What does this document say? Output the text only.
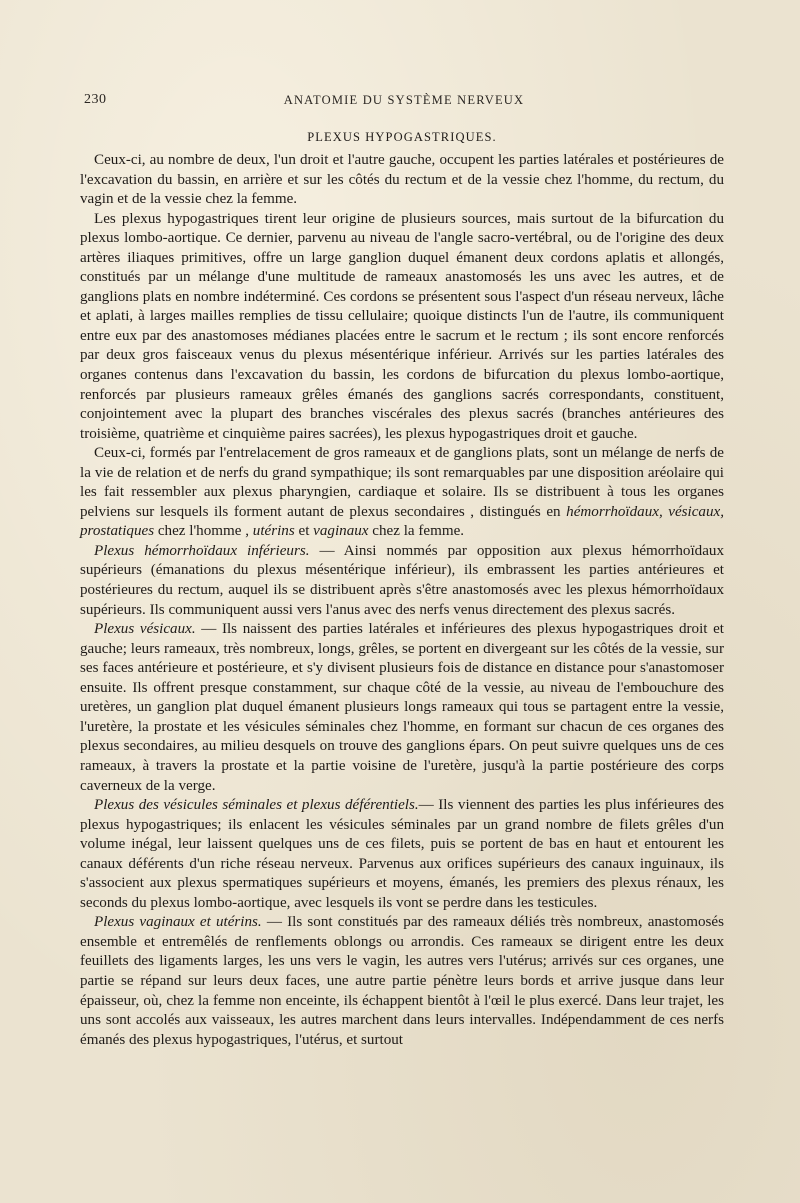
230	ANATOMIE DU SYSTÈME NERVEUX
PLEXUS HYPOGASTRIQUES.

Ceux-ci, au nombre de deux, l'un droit et l'autre gauche, occupent les parties latérales et postérieures de l'excavation du bassin, en arrière et sur les côtés du rectum et de la vessie chez l'homme, du rectum, du vagin et de la vessie chez la femme.

Les plexus hypogastriques tirent leur origine de plusieurs sources, mais surtout de la bifurcation du plexus lombo-aortique. Ce dernier, parvenu au niveau de l'angle sacro-vertébral, ou de l'origine des deux artères iliaques primitives, offre un large ganglion duquel émanent deux cordons aplatis et allongés, constitués par un mélange d'une multitude de rameaux anastomosés les uns avec les autres, et de ganglions plats en nombre indéterminé. Ces cordons se présentent sous l'aspect d'un réseau nerveux, lâche et aplati, à larges mailles remplies de tissu cellulaire; quoique distincts l'un de l'autre, ils communiquent entre eux par des anastomoses médianes placées entre le sacrum et le rectum ; ils sont encore renforcés par deux gros faisceaux venus du plexus mésentérique inférieur. Arrivés sur les parties latérales des organes contenus dans l'excavation du bassin, les cordons de bifurcation du plexus lombo-aortique, renforcés par plusieurs rameaux grêles émanés des ganglions sacrés correspondants, constituent, conjointement avec la plupart des branches viscérales des plexus sacrés (branches antérieures des troisième, quatrième et cinquième paires sacrées), les plexus hypogastriques droit et gauche.

Ceux-ci, formés par l'entrelacement de gros rameaux et de ganglions plats, sont un mélange de nerfs de la vie de relation et de nerfs du grand sympathique; ils sont remarquables par une disposition aréolaire qui les fait ressembler aux plexus pharyngien, cardiaque et solaire. Ils se distribuent à tous les organes pelviens sur lesquels ils forment autant de plexus secondaires , distingués en hémorrhoïdaux, vésicaux, prostatiques chez l'homme , utérins et vaginaux chez la femme.

Plexus hémorrhoïdaux inférieurs. — Ainsi nommés par opposition aux plexus hémorrhoïdaux supérieurs (émanations du plexus mésentérique inférieur), ils embrassent les parties antérieures et postérieures du rectum, auquel ils se distribuent après s'être anastomosés avec les plexus hémorrhoïdaux supérieurs. Ils communiquent aussi vers l'anus avec des nerfs venus directement des plexus sacrés.

Plexus vésicaux. — Ils naissent des parties latérales et inférieures des plexus hypogastriques droit et gauche; leurs rameaux, très nombreux, longs, grêles, se portent en divergeant sur les côtés de la vessie, sur ses faces antérieure et postérieure, et s'y divisent plusieurs fois de distance en distance pour s'anastomoser ensuite. Ils offrent presque constamment, sur chaque côté de la vessie, au niveau de l'embouchure des uretères, un ganglion plat duquel émanent plusieurs longs rameaux qui tous se partagent entre la vessie, l'uretère, la prostate et les vésicules séminales chez l'homme, en formant sur chacun de ces organes des plexus secondaires, au milieu desquels on trouve des ganglions épars. On peut suivre quelques uns de ces rameaux, à travers la prostate et la partie voisine de l'uretère, jusqu'à la partie postérieure des corps caverneux de la verge.

Plexus des vésicules séminales et plexus déférentiels.— Ils viennent des parties les plus inférieures des plexus hypogastriques; ils enlacent les vésicules séminales par un grand nombre de filets grêles d'un volume inégal, leur laissent quelques uns de ces filets, puis se portent de bas en haut et entourent les canaux déférents d'un riche réseau nerveux. Parvenus aux orifices supérieurs des canaux inguinaux, ils s'associent aux plexus spermatiques supérieurs et moyens, émanés, les premiers des plexus rénaux, les seconds du plexus lombo-aortique, avec lesquels ils vont se perdre dans les testicules.

Plexus vaginaux et utérins. — Ils sont constitués par des rameaux déliés très nombreux, anastomosés ensemble et entremêlés de renflements oblongs ou arrondis. Ces rameaux se dirigent entre les deux feuillets des ligaments larges, les uns vers le vagin, les autres vers l'utérus; arrivés sur ces organes, une partie se répand sur leurs deux faces, une autre partie pénètre leurs bords et arrive jusque dans leur épaisseur, où, chez la femme non enceinte, ils échappent bientôt à l'œil le plus exercé. Dans leur trajet, les uns sont accolés aux vaisseaux, les autres marchent dans leurs intervalles. Indépendamment de ces nerfs émanés des plexus hypogastriques, l'utérus, et surtout
